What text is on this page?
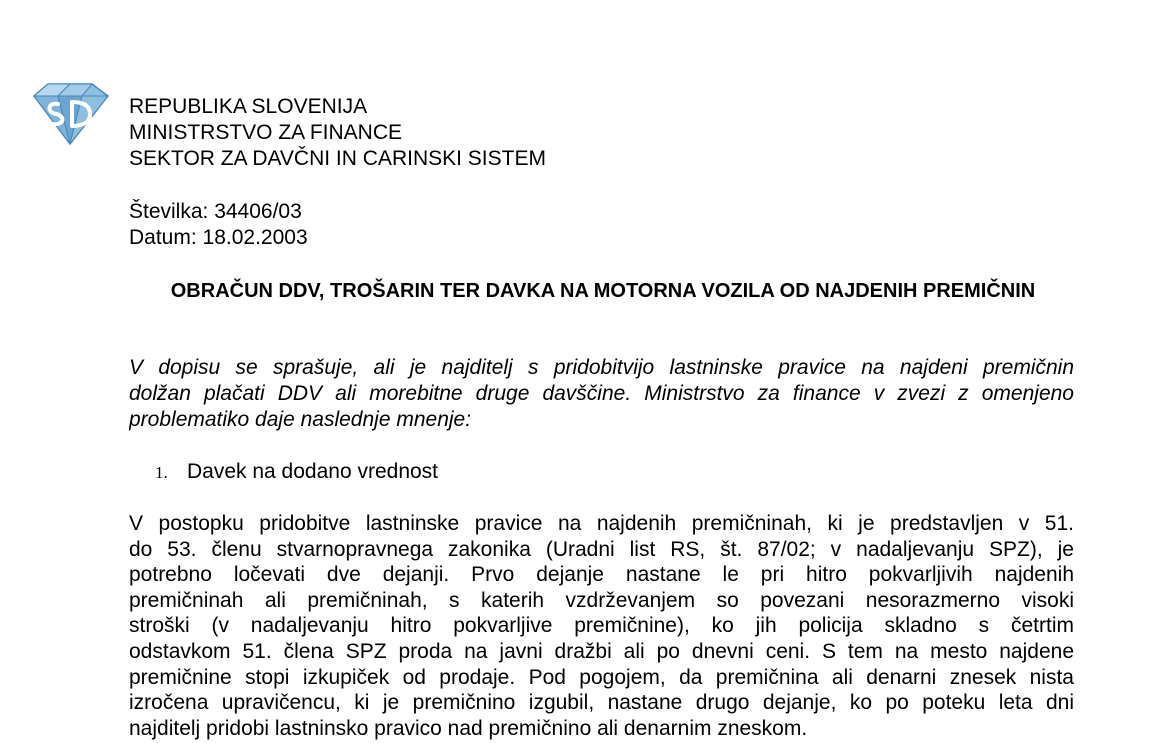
REPUBLIKA SLOVENIJA
MINISTRSTVO ZA FINANCE
SEKTOR ZA DAVČNI IN CARINSKI SISTEM
Številka: 34406/03
Datum: 18.02.2003
OBRAČUN DDV, TROŠARIN TER DAVKA NA MOTORNA VOZILA OD NAJDENIH PREMIČNIN
V dopisu se sprašuje, ali je najditelj s pridobitvijo lastninske pravice na najdeni premičnin
dolžan plačati DDV ali morebitne druge davščine. Ministrstvo za finance v zvezi z omenjeno
problematiko daje naslednje mnenje:
1. Davek na dodano vrednost
V postopku pridobitve lastninske pravice na najdenih premičninah, ki je predstavljen v 51.
do 53. členu stvarnopravnega zakonika (Uradni list RS, št. 87/02; v nadaljevanju SPZ), je
potrebno ločevati dve dejanji. Prvo dejanje nastane le pri hitro pokvarljivih najdenih
premičninah ali premičninah, s katerih vzdrževanjem so povezani nesorazmerno visoki
stroški (v nadaljevanju hitro pokvarljive premičnine), ko jih policija skladno s četrtim
odstavkom 51. člena SPZ proda na javni dražbi ali po dnevni ceni. S tem na mesto najdene
premičnine stopi izkupiček od prodaje. Pod pogojem, da premičnina ali denarni znesek nista
izročena upravičencu, ki je premičnino izgubil, nastane drugo dejanje, ko po poteku leta dni
najditelj pridobi lastninsko pravico nad premičnino ali denarnim zneskom.
